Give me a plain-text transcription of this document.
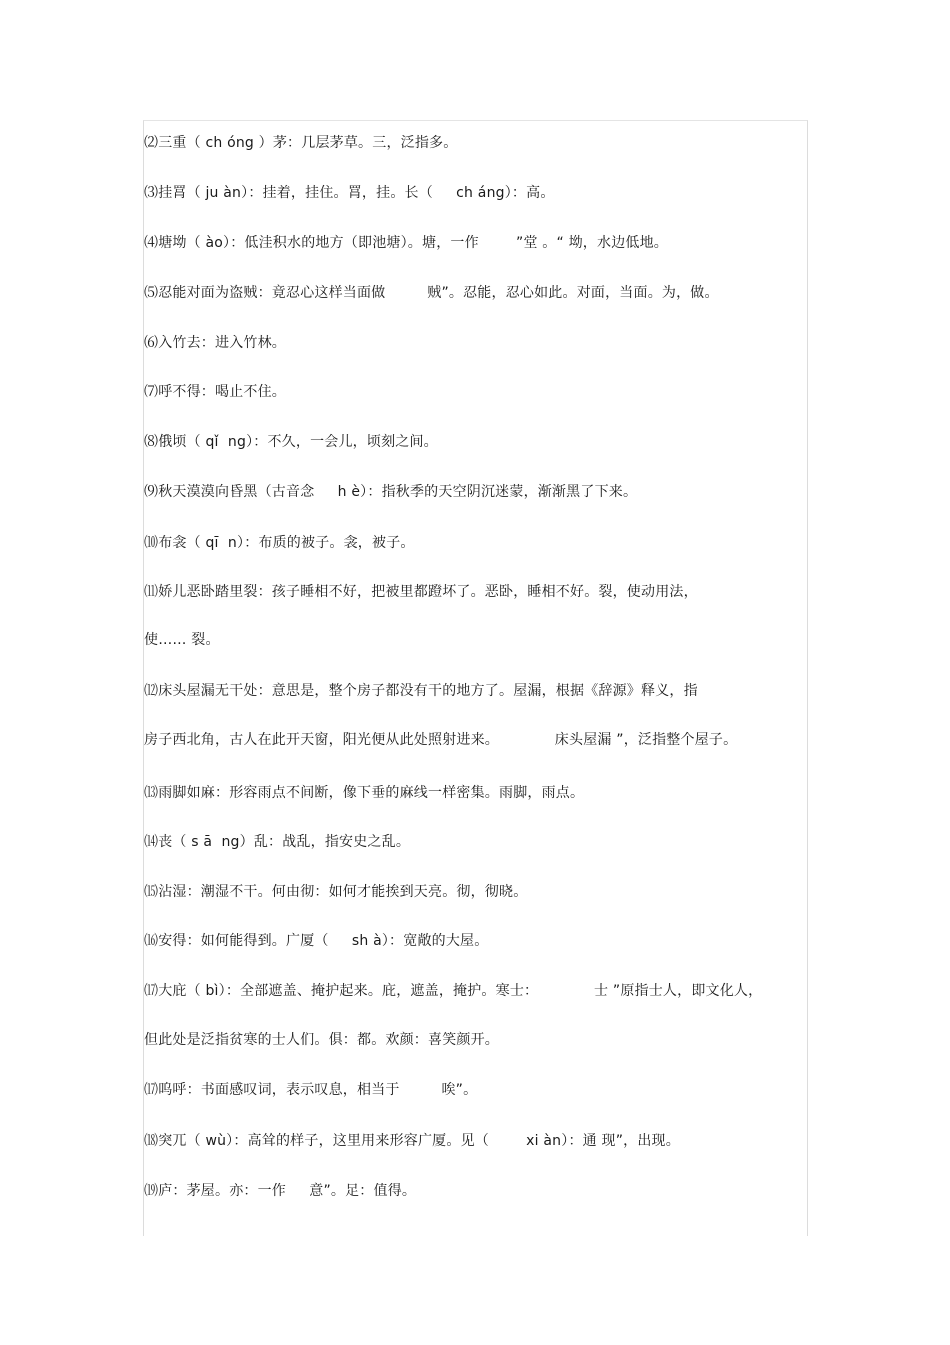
⑵三重（ ch óng ）茅：几层茅草。三，泛指多。
⑶挂罥（ ju àn）：挂着，挂住。罥，挂。长（     ch áng）：高。
⑷塘坳（ ào）：低洼积水的地方（即池塘）。塘，一作        ”堂 。“ 坳，水边低地。
⑸忍能对面为盗贼：竟忍心这样当面做         贼”。忍能，忍心如此。对面，当面。为，做。
⑹入竹去：进入竹林。
⑺呼不得：喝止不住。
⑻俄顷（ qǐ  ng）：不久，一会儿，顷刻之间。
⑼秋天漠漠向昏黑（古音念     h è）：指秋季的天空阴沉迷蒙，渐渐黑了下来。
⑽布衾（ qī  n）：布质的被子。衾，被子。
⑾娇儿恶卧踏里裂：孩子睡相不好，把被里都蹬坏了。恶卧，睡相不好。裂，使动用法，
使…… 裂。
⑿床头屋漏无干处：意思是，整个房子都没有干的地方了。屋漏，根据《辞源》释义，指
房子西北角，古人在此开天窗，阳光便从此处照射进来。            床头屋漏 ”，泛指整个屋子。
⒀雨脚如麻：形容雨点不间断，像下垂的麻线一样密集。雨脚，雨点。
⒁丧（ s ā  ng）乱：战乱，指安史之乱。
⒂沾湿：潮湿不干。何由彻：如何才能挨到天亮。彻，彻晓。
⒃安得：如何能得到。广厦（     sh à）：宽敞的大屋。
⒄大庇（ bì）：全部遮盖、掩护起来。庇，遮盖，掩护。寒士：            士 ”原指士人，即文化人，
但此处是泛指贫寒的士人们。俱：都。欢颜：喜笑颜开。
⒄呜呼：书面感叹词，表示叹息，相当于         唉”。
⒅突兀（ wù）：高耸的样子，这里用来形容广厦。见（        xi àn）：通 现”，出现。
⒆庐：茅屋。亦：一作     意”。足：值得。
